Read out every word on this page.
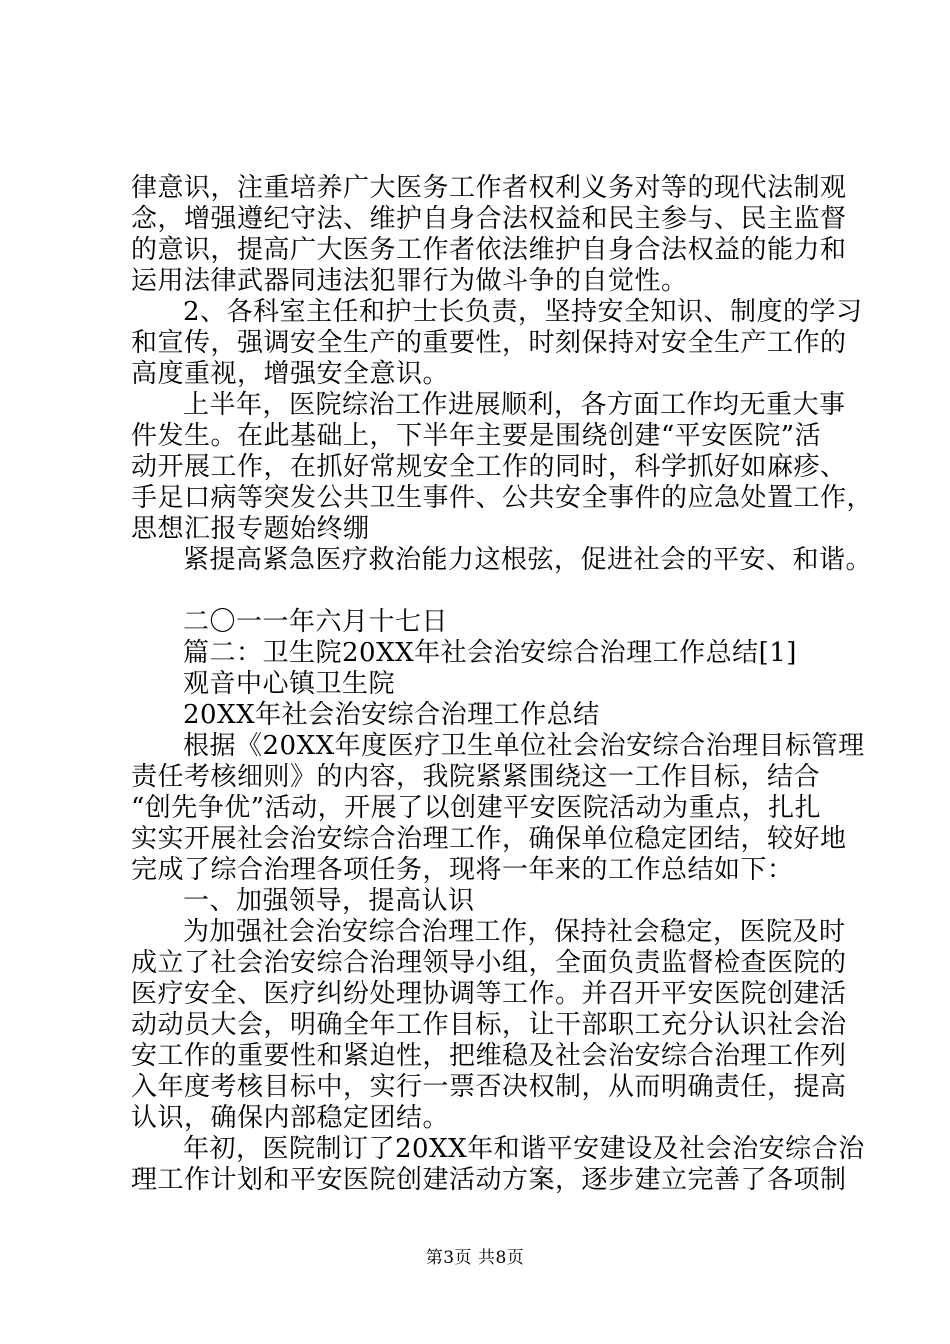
律意识，注重培养广大医务工作者权利义务对等的现代法制观
念，增强遵纪守法、维护自身合法权益和民主参与、民主监督
的意识，提高广大医务工作者依法维护自身合法权益的能力和
运用法律武器同违法犯罪行为做斗争的自觉性。
2、各科室主任和护士长负责，坚持安全知识、制度的学习
和宣传，强调安全生产的重要性，时刻保持对安全生产工作的
高度重视，增强安全意识。
上半年，医院综治工作进展顺利，各方面工作均无重大事
件发生。在此基础上，下半年主要是围绕创建“平安医院”活
动开展工作，在抓好常规安全工作的同时，科学抓好如麻疹、
手足口病等突发公共卫生事件、公共安全事件的应急处置工作，
思想汇报专题始终绷
紧提高紧急医疗救治能力这根弦，促进社会的平安、和谐。
二〇一一年六月十七日
篇二：卫生院20XX年社会治安综合治理工作总结[1]
观音中心镇卫生院
20XX年社会治安综合治理工作总结
根据《20XX年度医疗卫生单位社会治安综合治理目标管理
责任考核细则》的内容，我院紧紧围绕这一工作目标，结合
“创先争优”活动，开展了以创建平安医院活动为重点，扎扎
实实开展社会治安综合治理工作，确保单位稳定团结，较好地
完成了综合治理各项任务，现将一年来的工作总结如下：
一、加强领导，提高认识
为加强社会治安综合治理工作，保持社会稳定，医院及时
成立了社会治安综合治理领导小组，全面负责监督检查医院的
医疗安全、医疗纠纷处理协调等工作。并召开平安医院创建活
动动员大会，明确全年工作目标，让干部职工充分认识社会治
安工作的重要性和紧迫性，把维稳及社会治安综合治理工作列
入年度考核目标中，实行一票否决权制，从而明确责任，提高
认识，确保内部稳定团结。
年初，医院制订了20XX年和谐平安建设及社会治安综合治
理工作计划和平安医院创建活动方案，逐步建立完善了各项制
第3页 共8页
